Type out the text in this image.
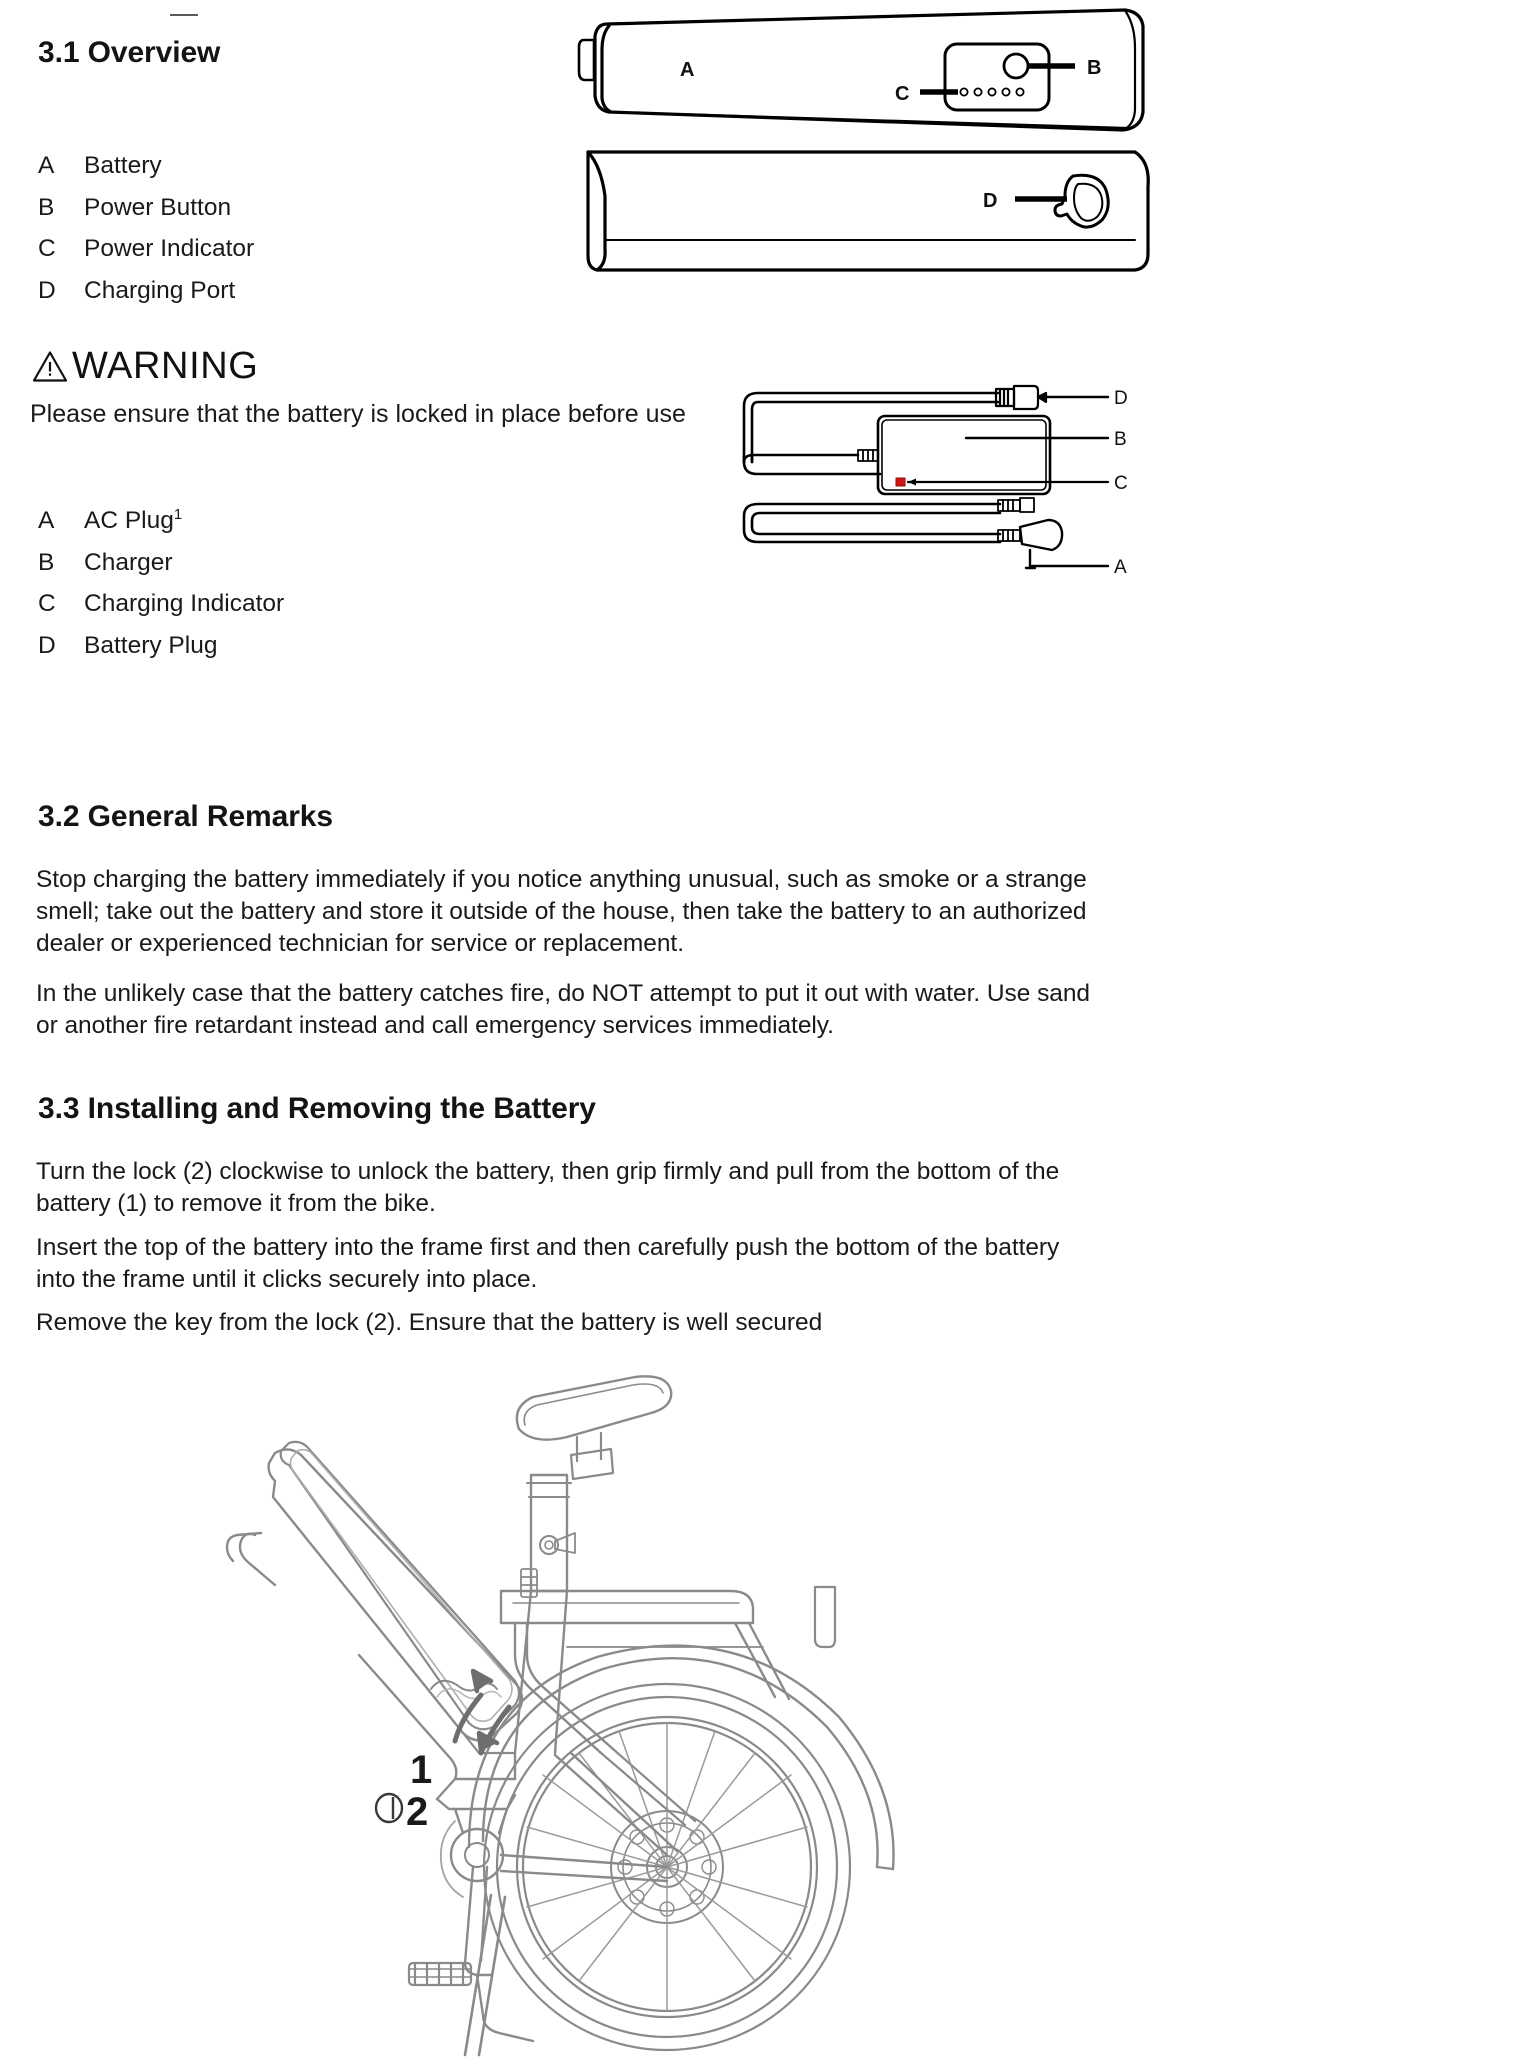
3.1 Overview
A	Battery
B	Power Button
C	Power Indicator
D	Charging Port
WARNING
Please ensure that the battery is locked in place before use
A	AC Plug$^1$
B	Charger
C	Charging Indicator
D	Battery Plug
3.2 General Remarks
Stop charging the battery immediately if you notice anything unusual, such as smoke or a strange smell; take out the battery and store it outside of the house, then take the battery to an authorized dealer or experienced technician for service or replacement.
In the unlikely case that the battery catches fire, do NOT attempt to put it out with water. Use sand or another fire retardant instead and call emergency services immediately.
3.3 Installing and Removing the Battery
Turn the lock (2) clockwise to unlock the battery, then grip firmly and pull from the bottom of the battery (1) to remove it from the bike.
Insert the top of the battery into the frame first and then carefully push the bottom of the battery into the frame until it clicks securely into place.
Remove the key from the lock (2). Ensure that the battery is well secured
A	B
C
D
D
B
C
A
1
2
